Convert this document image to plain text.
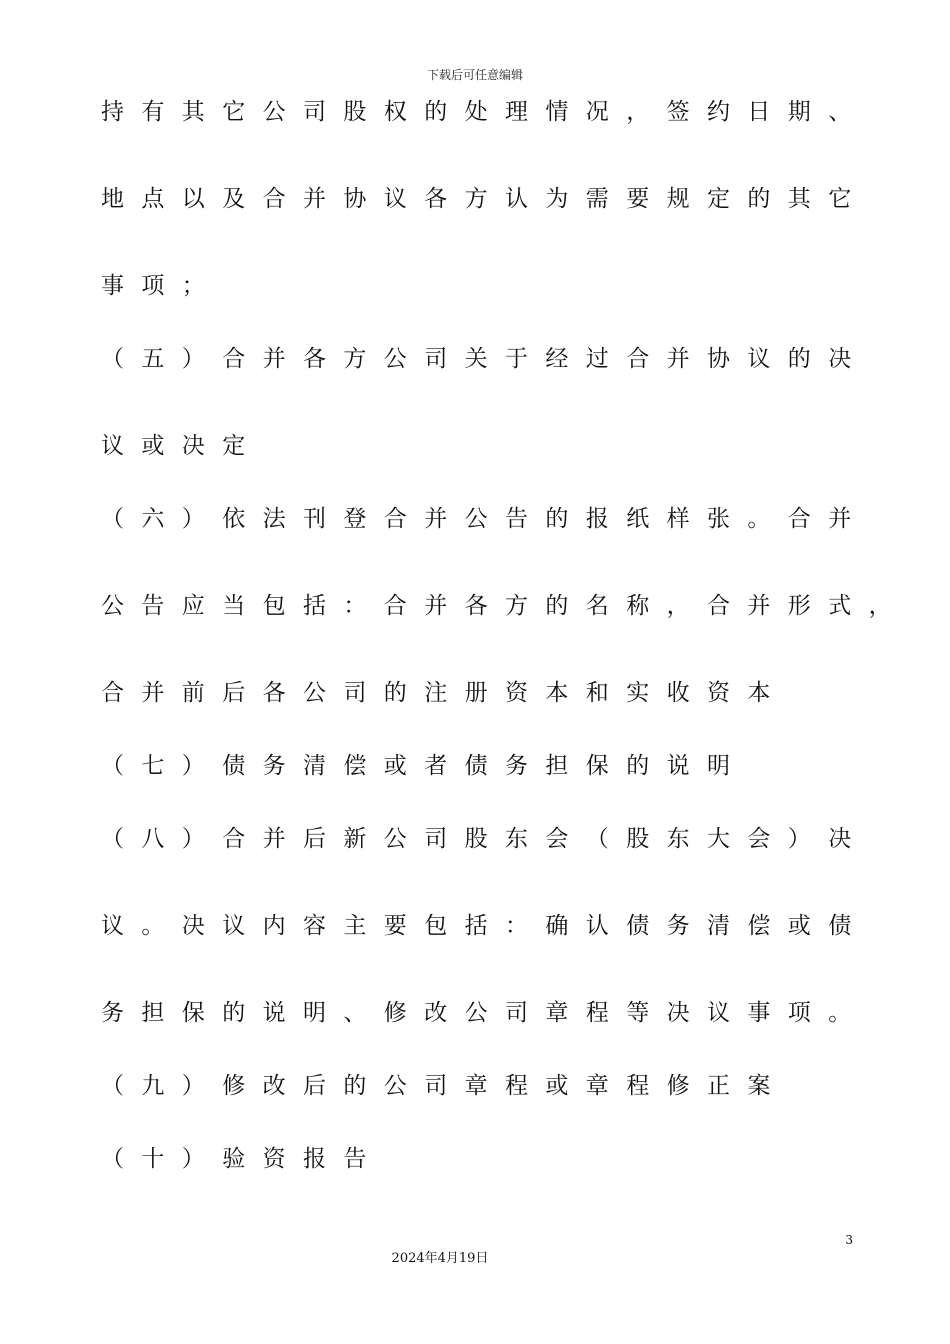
下载后可任意编辑
持有其它公司股权的处理情况，签约日期、
地点以及合并协议各方认为需要规定的其它
事项；
（五）合并各方公司关于经过合并协议的决
议或决定
（六）依法刊登合并公告的报纸样张。合并
公告应当包括：合并各方的名称，合并形式，
合并前后各公司的注册资本和实收资本
（七）债务清偿或者债务担保的说明
（八）合并后新公司股东会（股东大会）决
议。决议内容主要包括：确认债务清偿或债
务担保的说明、修改公司章程等决议事项。
（九）修改后的公司章程或章程修正案
（十）验资报告
3
2024年4月19日
